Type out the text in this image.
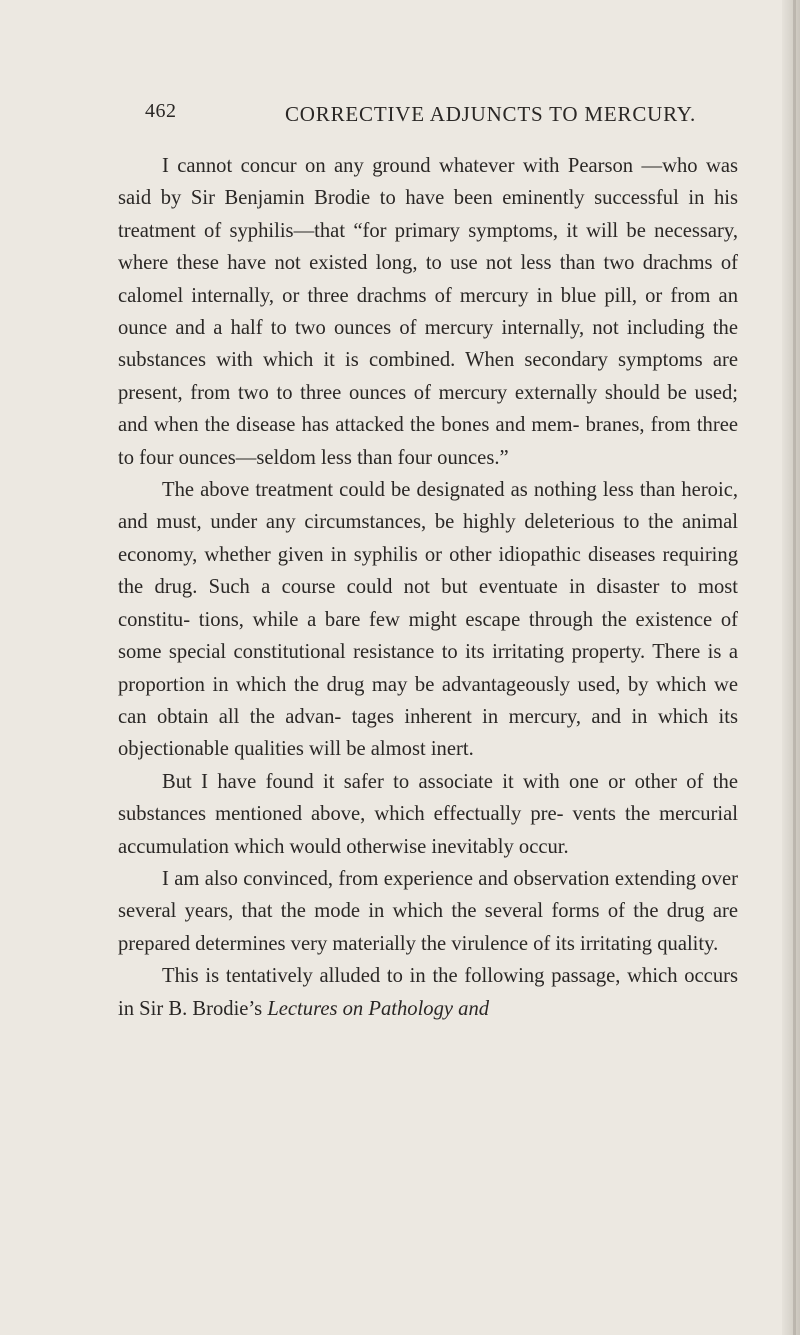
462	CORRECTIVE ADJUNCTS TO MERCURY.

I cannot concur on any ground whatever with Pearson —who was said by Sir Benjamin Brodie to have been eminently successful in his treatment of syphilis—that “for primary symptoms, it will be necessary, where these have not existed long, to use not less than two drachms of calomel internally, or three drachms of mercury in blue pill, or from an ounce and a half to two ounces of mercury internally, not including the substances with which it is combined. When secondary symptoms are present, from two to three ounces of mercury externally should be used; and when the disease has attacked the bones and mem- branes, from three to four ounces—seldom less than four ounces.”

The above treatment could be designated as nothing less than heroic, and must, under any circumstances, be highly deleterious to the animal economy, whether given in syphilis or other idiopathic diseases requiring the drug. Such a course could not but eventuate in disaster to most constitu- tions, while a bare few might escape through the existence of some special constitutional resistance to its irritating property. There is a proportion in which the drug may be advantageously used, by which we can obtain all the advan- tages inherent in mercury, and in which its objectionable qualities will be almost inert.

But I have found it safer to associate it with one or other of the substances mentioned above, which effectually pre- vents the mercurial accumulation which would otherwise inevitably occur.

I am also convinced, from experience and observation extending over several years, that the mode in which the several forms of the drug are prepared determines very materially the virulence of its irritating quality.

This is tentatively alluded to in the following passage, which occurs in Sir B. Brodie’s Lectures on Pathology and
